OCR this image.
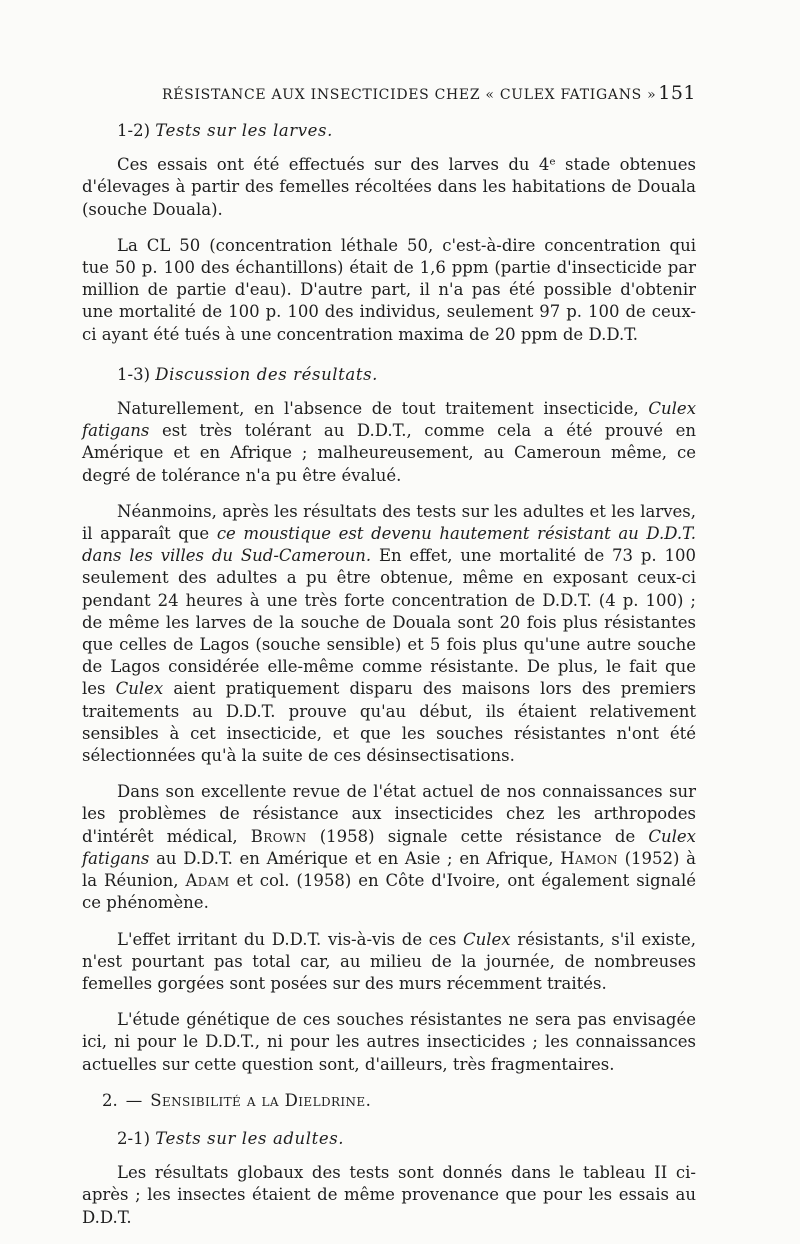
RÉSISTANCE AUX INSECTICIDES CHEZ « CULEX FATIGANS » 151
1-2) Tests sur les larves.

Ces essais ont été effectués sur des larves du 4ᵉ stade obtenues d'élevages à partir des femelles récoltées dans les habitations de Douala (souche Douala).

La CL 50 (concentration léthale 50, c'est-à-dire concentration qui tue 50 p. 100 des échantillons) était de 1,6 ppm (partie d'insecticide par million de partie d'eau). D'autre part, il n'a pas été possible d'obtenir une mortalité de 100 p. 100 des individus, seulement 97 p. 100 de ceux-ci ayant été tués à une concentration maxima de 20 ppm de D.D.T.

1-3) Discussion des résultats.

Naturellement, en l'absence de tout traitement insecticide, Culex fatigans est très tolérant au D.D.T., comme cela a été prouvé en Amérique et en Afrique ; malheureusement, au Cameroun même, ce degré de tolérance n'a pu être évalué.

Néanmoins, après les résultats des tests sur les adultes et les larves, il apparaît que ce moustique est devenu hautement résistant au D.D.T. dans les villes du Sud-Cameroun. En effet, une mortalité de 73 p. 100 seulement des adultes a pu être obtenue, même en exposant ceux-ci pendant 24 heures à une très forte concentration de D.D.T. (4 p. 100) ; de même les larves de la souche de Douala sont 20 fois plus résistantes que celles de Lagos (souche sensible) et 5 fois plus qu'une autre souche de Lagos considérée elle-même comme résistante. De plus, le fait que les Culex aient pratiquement disparu des maisons lors des premiers traitements au D.D.T. prouve qu'au début, ils étaient relativement sensibles à cet insecticide, et que les souches résistantes n'ont été sélectionnées qu'à la suite de ces désinsectisations.

Dans son excellente revue de l'état actuel de nos connaissances sur les problèmes de résistance aux insecticides chez les arthropodes d'intérêt médical, Brown (1958) signale cette résistance de Culex fatigans au D.D.T. en Amérique et en Asie ; en Afrique, Hamon (1952) à la Réunion, Adam et col. (1958) en Côte d'Ivoire, ont également signalé ce phénomène.

L'effet irritant du D.D.T. vis-à-vis de ces Culex résistants, s'il existe, n'est pourtant pas total car, au milieu de la journée, de nombreuses femelles gorgées sont posées sur des murs récemment traités.

L'étude génétique de ces souches résistantes ne sera pas envisagée ici, ni pour le D.D.T., ni pour les autres insecticides ; les connaissances actuelles sur cette question sont, d'ailleurs, très fragmentaires.

2. — Sensibilité a la Dieldrine.
2-1) Tests sur les adultes.

Les résultats globaux des tests sont donnés dans le tableau II ci-après ; les insectes étaient de même provenance que pour les essais au D.D.T.
